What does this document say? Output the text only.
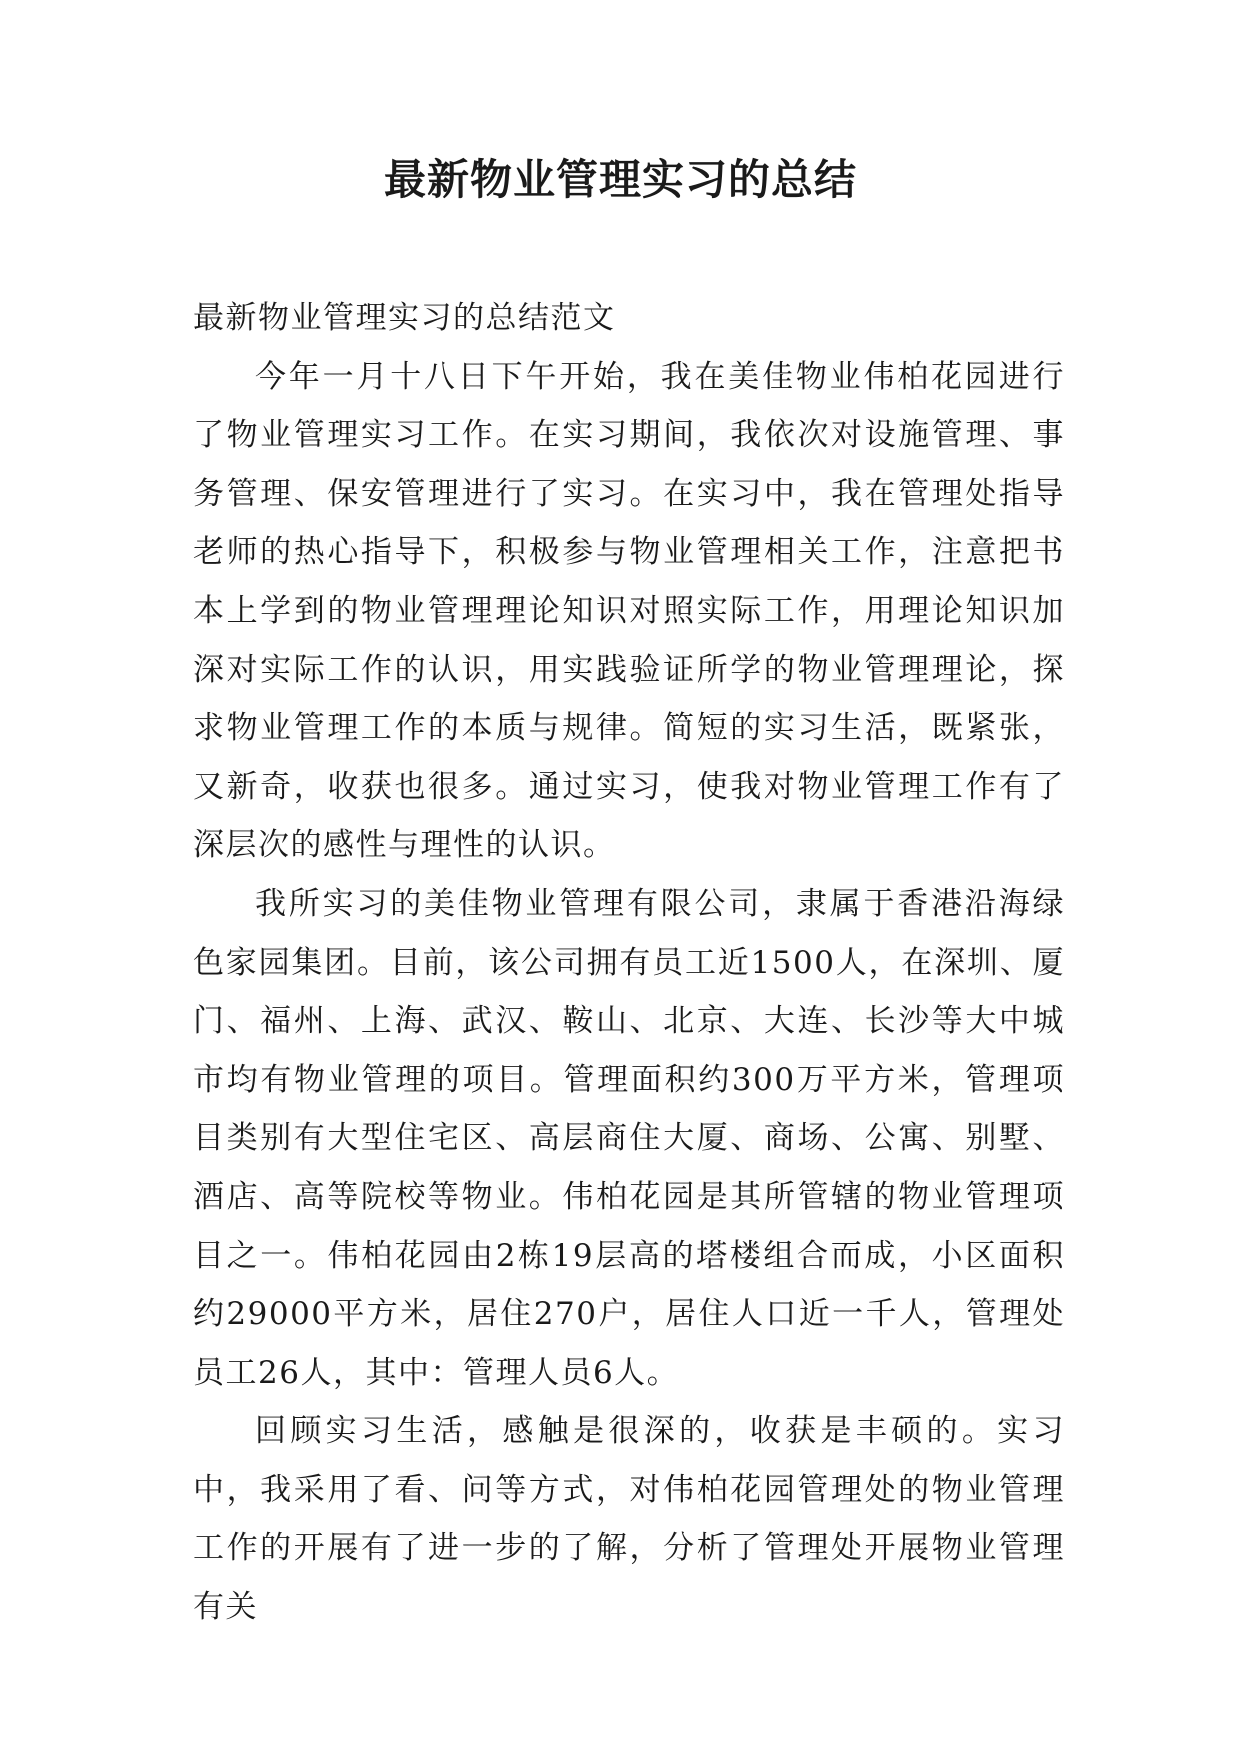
最新物业管理实习的总结

最新物业管理实习的总结范文

今年一月十八日下午开始，我在美佳物业伟柏花园进行了物业管理实习工作。在实习期间，我依次对设施管理、事务管理、保安管理进行了实习。在实习中，我在管理处指导老师的热心指导下，积极参与物业管理相关工作，注意把书本上学到的物业管理理论知识对照实际工作，用理论知识加深对实际工作的认识，用实践验证所学的物业管理理论，探求物业管理工作的本质与规律。简短的实习生活，既紧张，又新奇，收获也很多。通过实习，使我对物业管理工作有了深层次的感性与理性的认识。

我所实习的美佳物业管理有限公司，隶属于香港沿海绿色家园集团。目前，该公司拥有员工近1500人，在深圳、厦门、福州、上海、武汉、鞍山、北京、大连、长沙等大中城市均有物业管理的项目。管理面积约300万平方米，管理项目类别有大型住宅区、高层商住大厦、商场、公寓、别墅、酒店、高等院校等物业。伟柏花园是其所管辖的物业管理项目之一。伟柏花园由2栋19层高的塔楼组合而成，小区面积约29000平方米，居住270户，居住人口近一千人，管理处员工26人，其中：管理人员6人。

回顾实习生活，感触是很深的，收获是丰硕的。实习中，我采用了看、问等方式，对伟柏花园管理处的物业管理工作的开展有了进一步的了解，分析了管理处开展物业管理有关
